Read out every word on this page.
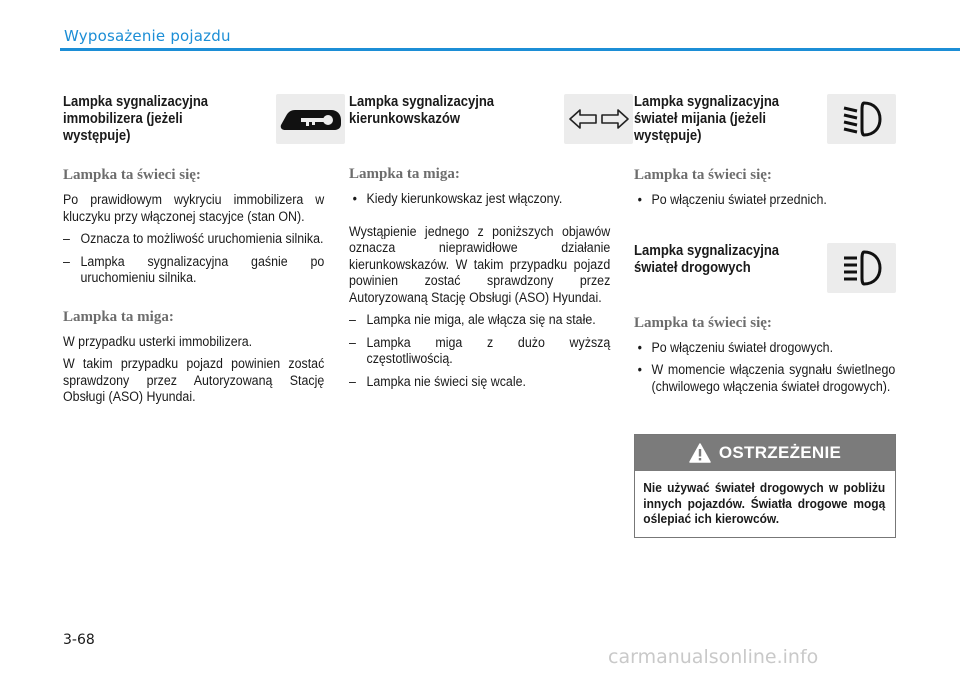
Wyposażenie pojazdu
Lampka sygnalizacyjna
immobilizera (jeżeli
występuje)
Lampka ta świeci się:
Po prawidłowym wykryciu immobilizera w kluczyku przy włączonej stacyjce (stan ON).
– Oznacza to możliwość uruchomienia silnika.
– Lampka sygnalizacyjna gaśnie po uruchomieniu silnika.
Lampka ta miga:
W przypadku usterki immobilizera.
W takim przypadku pojazd powinien zostać sprawdzony przez Autoryzowaną Stację Obsługi (ASO) Hyundai.
Lampka sygnalizacyjna
kierunkowskazów
Lampka ta miga:
• Kiedy kierunkowskaz jest włączony.
Wystąpienie jednego z poniższych objawów oznacza nieprawidłowe działanie kierunkowskazów. W takim przypadku pojazd powinien zostać sprawdzony przez Autoryzowaną Stację Obsługi (ASO) Hyundai.
– Lampka nie miga, ale włącza się na stałe.
– Lampka miga z dużo wyższą częstotliwością.
– Lampka nie świeci się wcale.
Lampka sygnalizacyjna
świateł mijania (jeżeli
występuje)
Lampka ta świeci się:
• Po włączeniu świateł przednich.
Lampka sygnalizacyjna
świateł drogowych
Lampka ta świeci się:
• Po włączeniu świateł drogowych.
• W momencie włączenia sygnału świetlnego (chwilowego włączenia świateł drogowych).
OSTRZEŻENIE
Nie używać świateł drogowych w pobliżu innych pojazdów. Światła drogowe mogą oślepiać ich kierowców.
3-68
carmanualsonline.info
